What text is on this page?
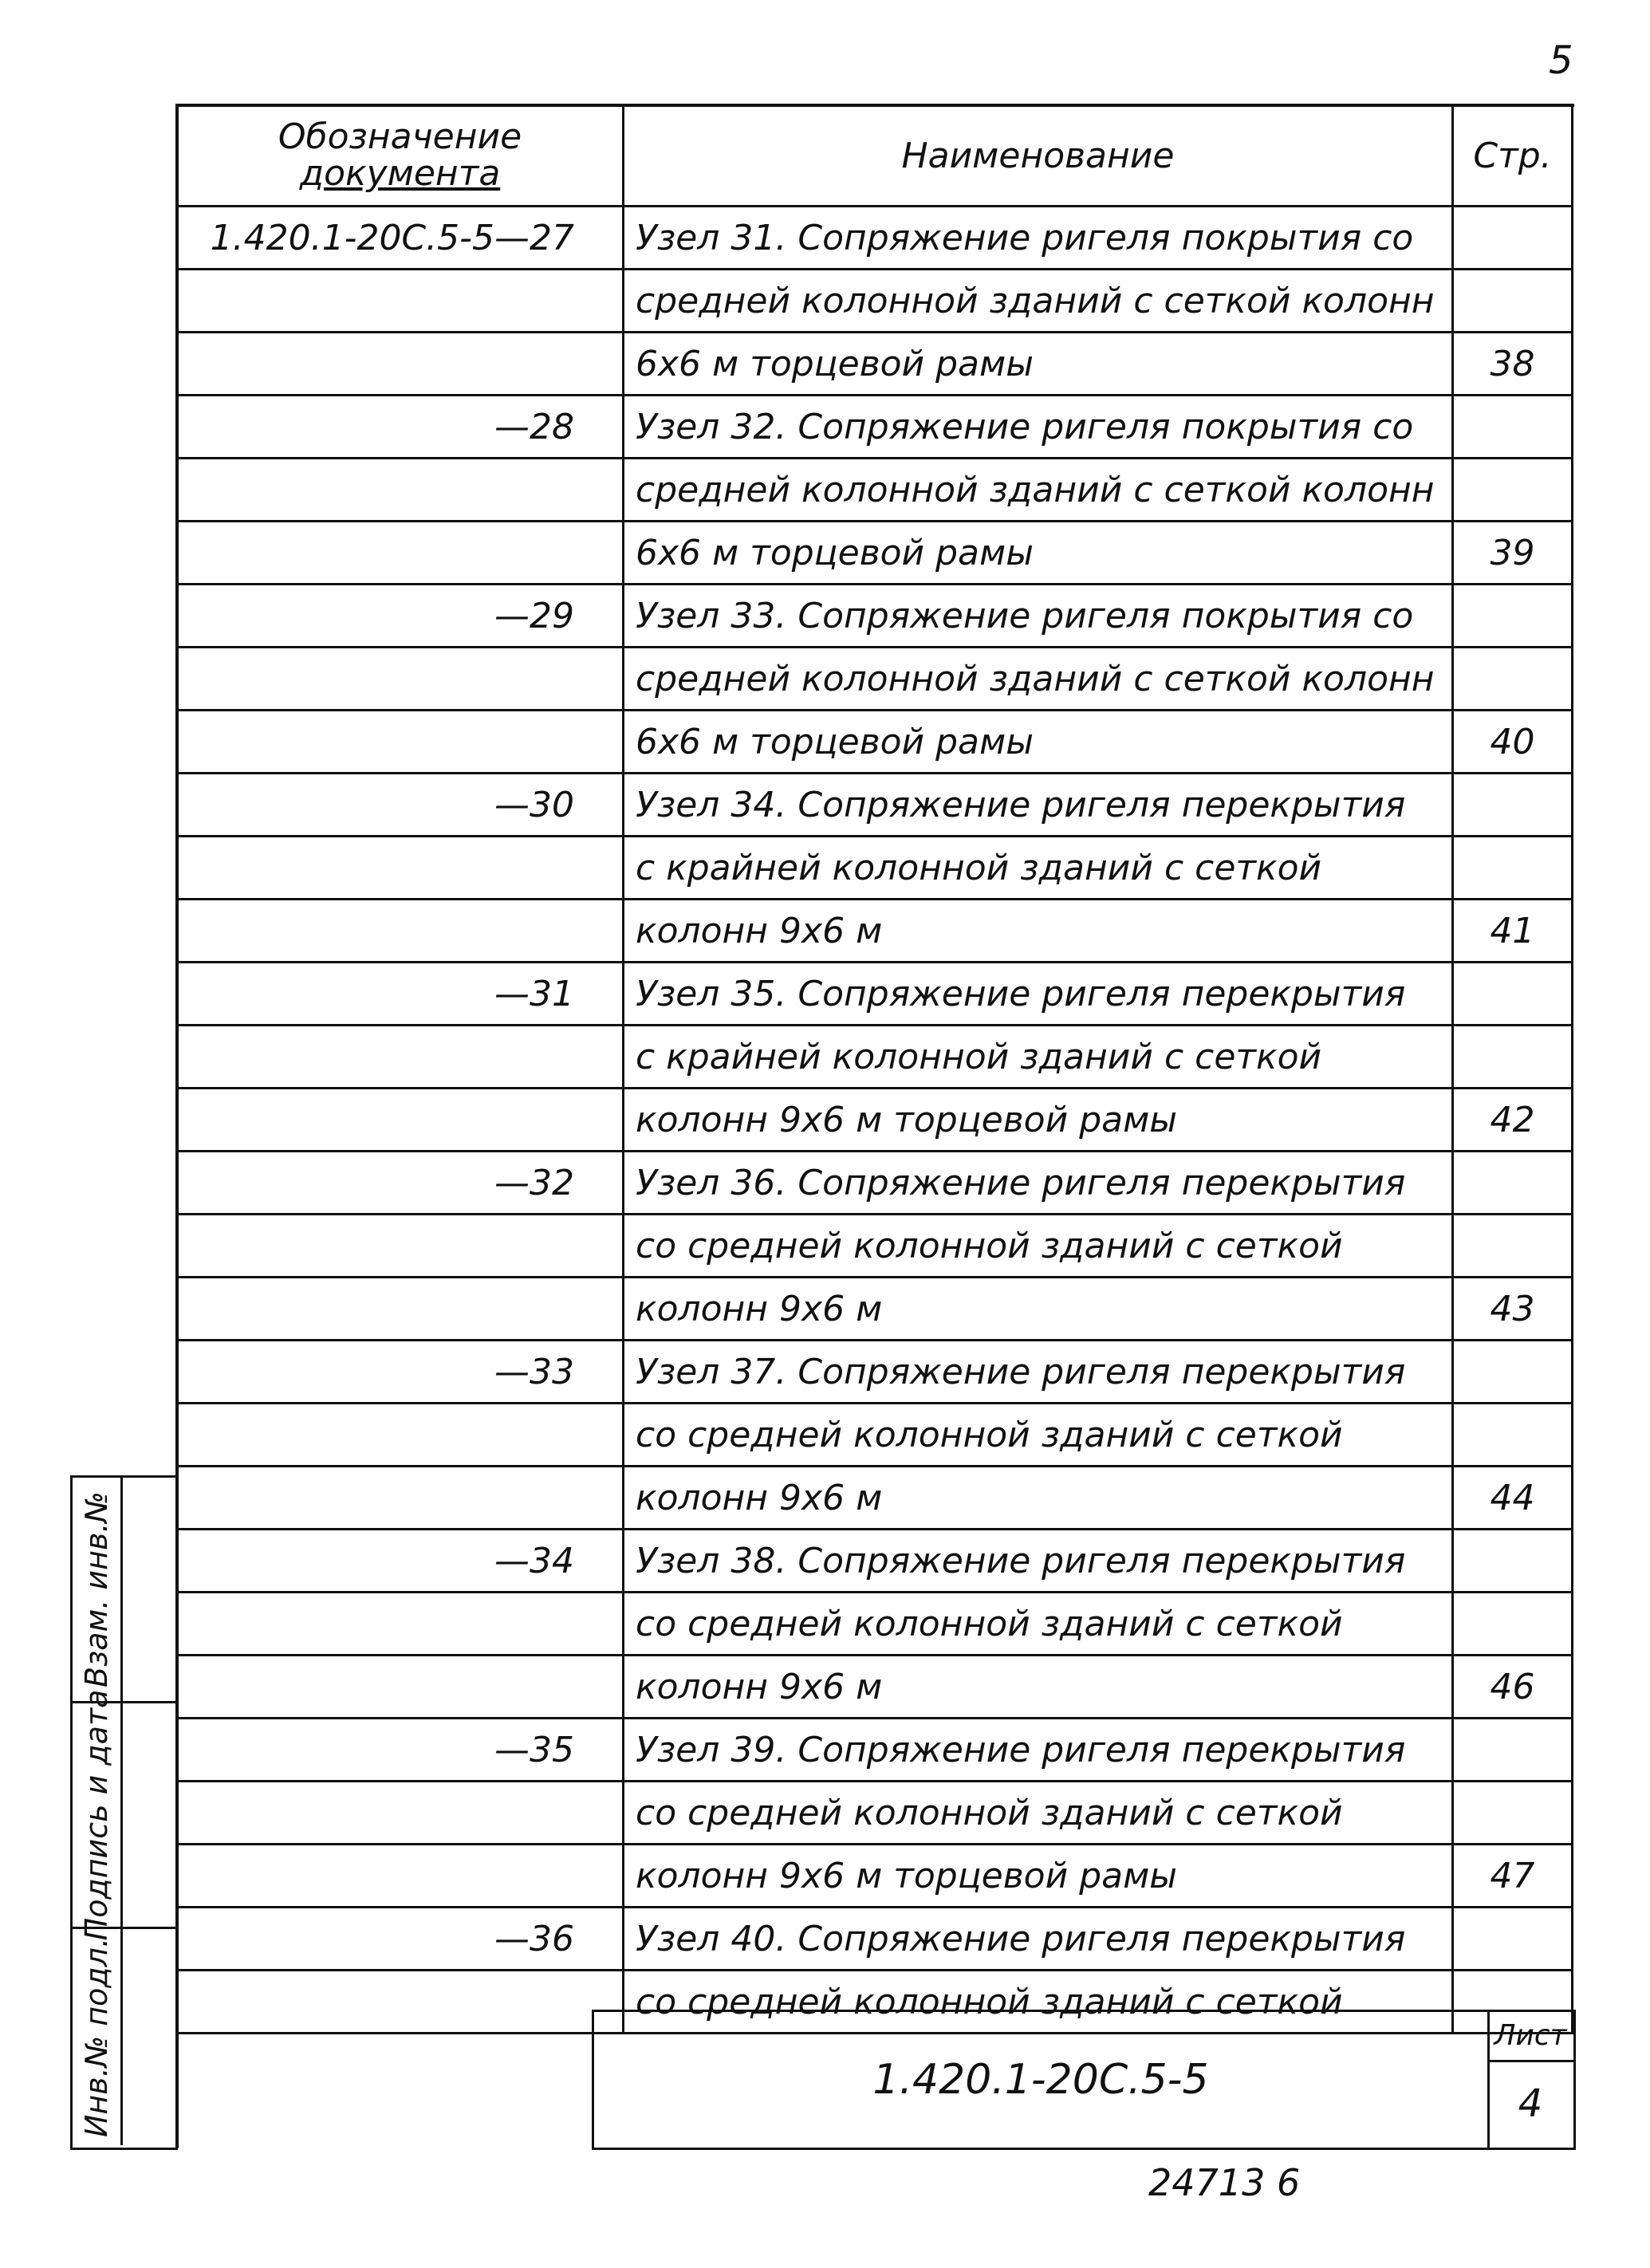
5
Обозначение
документа	Наименование	Стр.
1.420.1-20С.5-5—27	Узел 31. Сопряжение ригеля покрытия со	
	средней колонной зданий с сеткой колонн	
	6х6 м торцевой рамы	38
—28	Узел 32. Сопряжение ригеля покрытия со	
	средней колонной зданий с сеткой колонн	
	6х6 м торцевой рамы	39
—29	Узел 33. Сопряжение ригеля покрытия со	
	средней колонной зданий с сеткой колонн	
	6х6 м торцевой рамы	40
—30	Узел 34. Сопряжение ригеля перекрытия	
	с крайней колонной зданий с сеткой	
	колонн 9х6 м	41
—31	Узел 35. Сопряжение ригеля перекрытия	
	с крайней колонной зданий с сеткой	
	колонн 9х6 м торцевой рамы	42
—32	Узел 36. Сопряжение ригеля перекрытия	
	со средней колонной зданий с сеткой	
	колонн 9х6 м	43
—33	Узел 37. Сопряжение ригеля перекрытия	
	со средней колонной зданий с сеткой	
	колонн 9х6 м	44
—34	Узел 38. Сопряжение ригеля перекрытия	
	со средней колонной зданий с сеткой	
	колонн 9х6 м	46
—35	Узел 39. Сопряжение ригеля перекрытия	
	со средней колонной зданий с сеткой	
	колонн 9х6 м торцевой рамы	47
—36	Узел 40. Сопряжение ригеля перекрытия	
	со средней колонной зданий с сеткой	
Взам. инв.№
Подпись и дата
Инв.№ подл.	1.420.1-20С.5-5
Лист
4
24713 6
